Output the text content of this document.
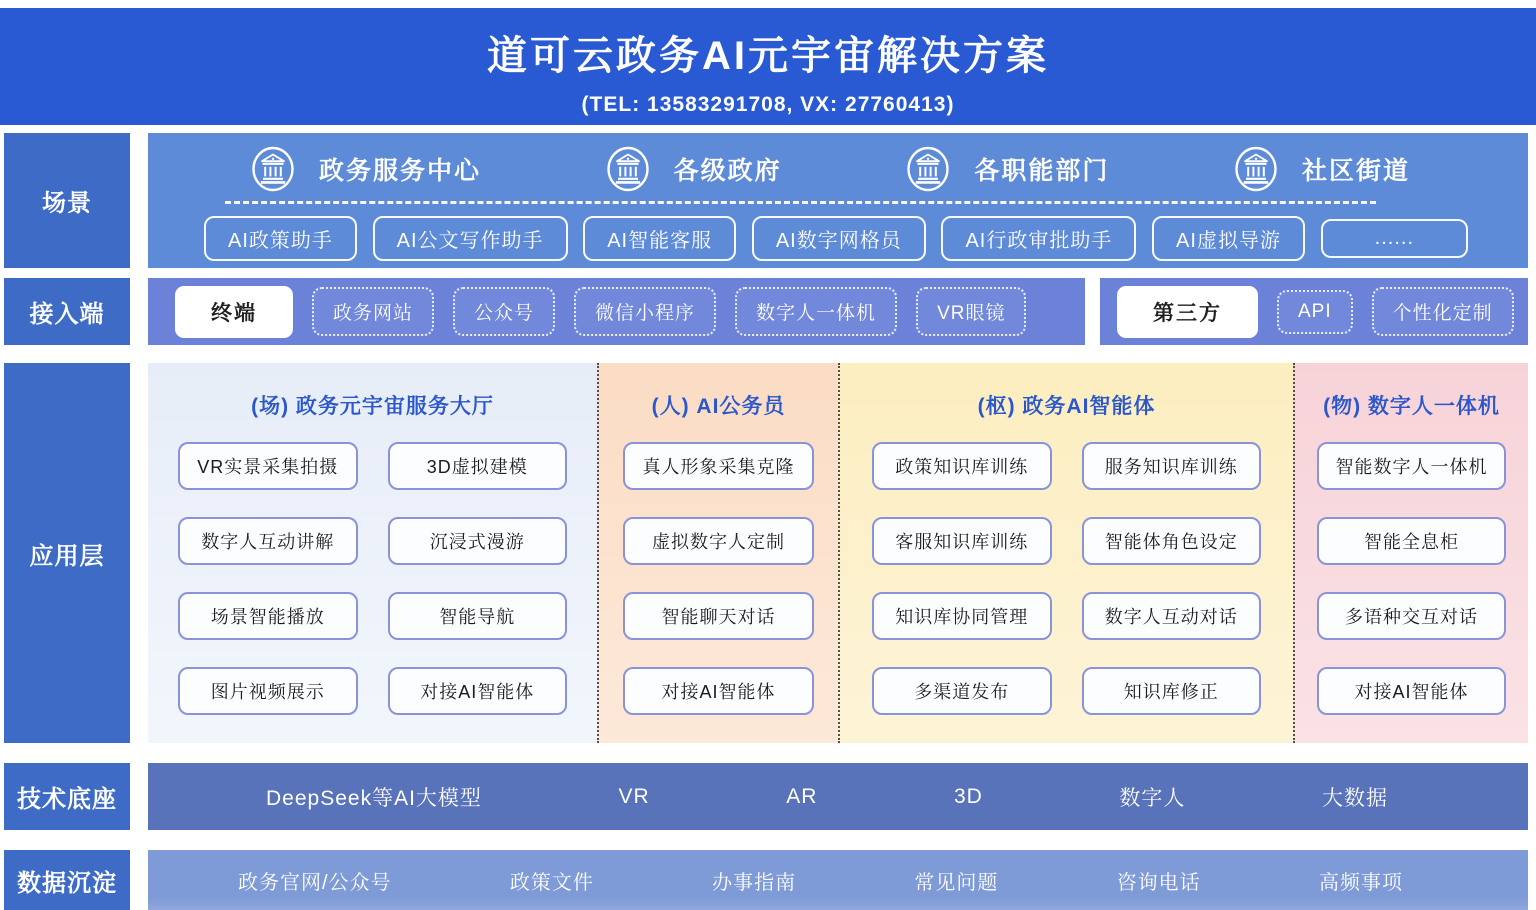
道可云政务AI元宇宙解决方案
(TEL: 13583291708, VX: 27760413)
场景
接入端
应用层
技术底座
数据沉淀
政务服务中心	各级政府	各职能部门	社区街道
AI政策助手	AI公文写作助手	AI智能客服	AI数字网格员	AI行政审批助手	AI虚拟导游	......
终端	政务网站	公众号	微信小程序	数字人一体机	VR眼镜	第三方	API	个性化定制
(场) 政务元宇宙服务大厅
VR实景采集拍摄	3D虚拟建模
数字人互动讲解	沉浸式漫游
场景智能播放	智能导航
图片视频展示	对接AI智能体
(人) AI公务员
真人形象采集克隆
虚拟数字人定制
智能聊天对话
对接AI智能体
(枢) 政务AI智能体
政策知识库训练	服务知识库训练
客服知识库训练	智能体角色设定
知识库协同管理	数字人互动对话
多渠道发布	知识库修正
(物) 数字人一体机
智能数字人一体机
智能全息柜
多语种交互对话
对接AI智能体
DeepSeek等AI大模型	VR	AR	3D	数字人	大数据
政务官网/公众号	政策文件	办事指南	常见问题	咨询电话	高频事项
